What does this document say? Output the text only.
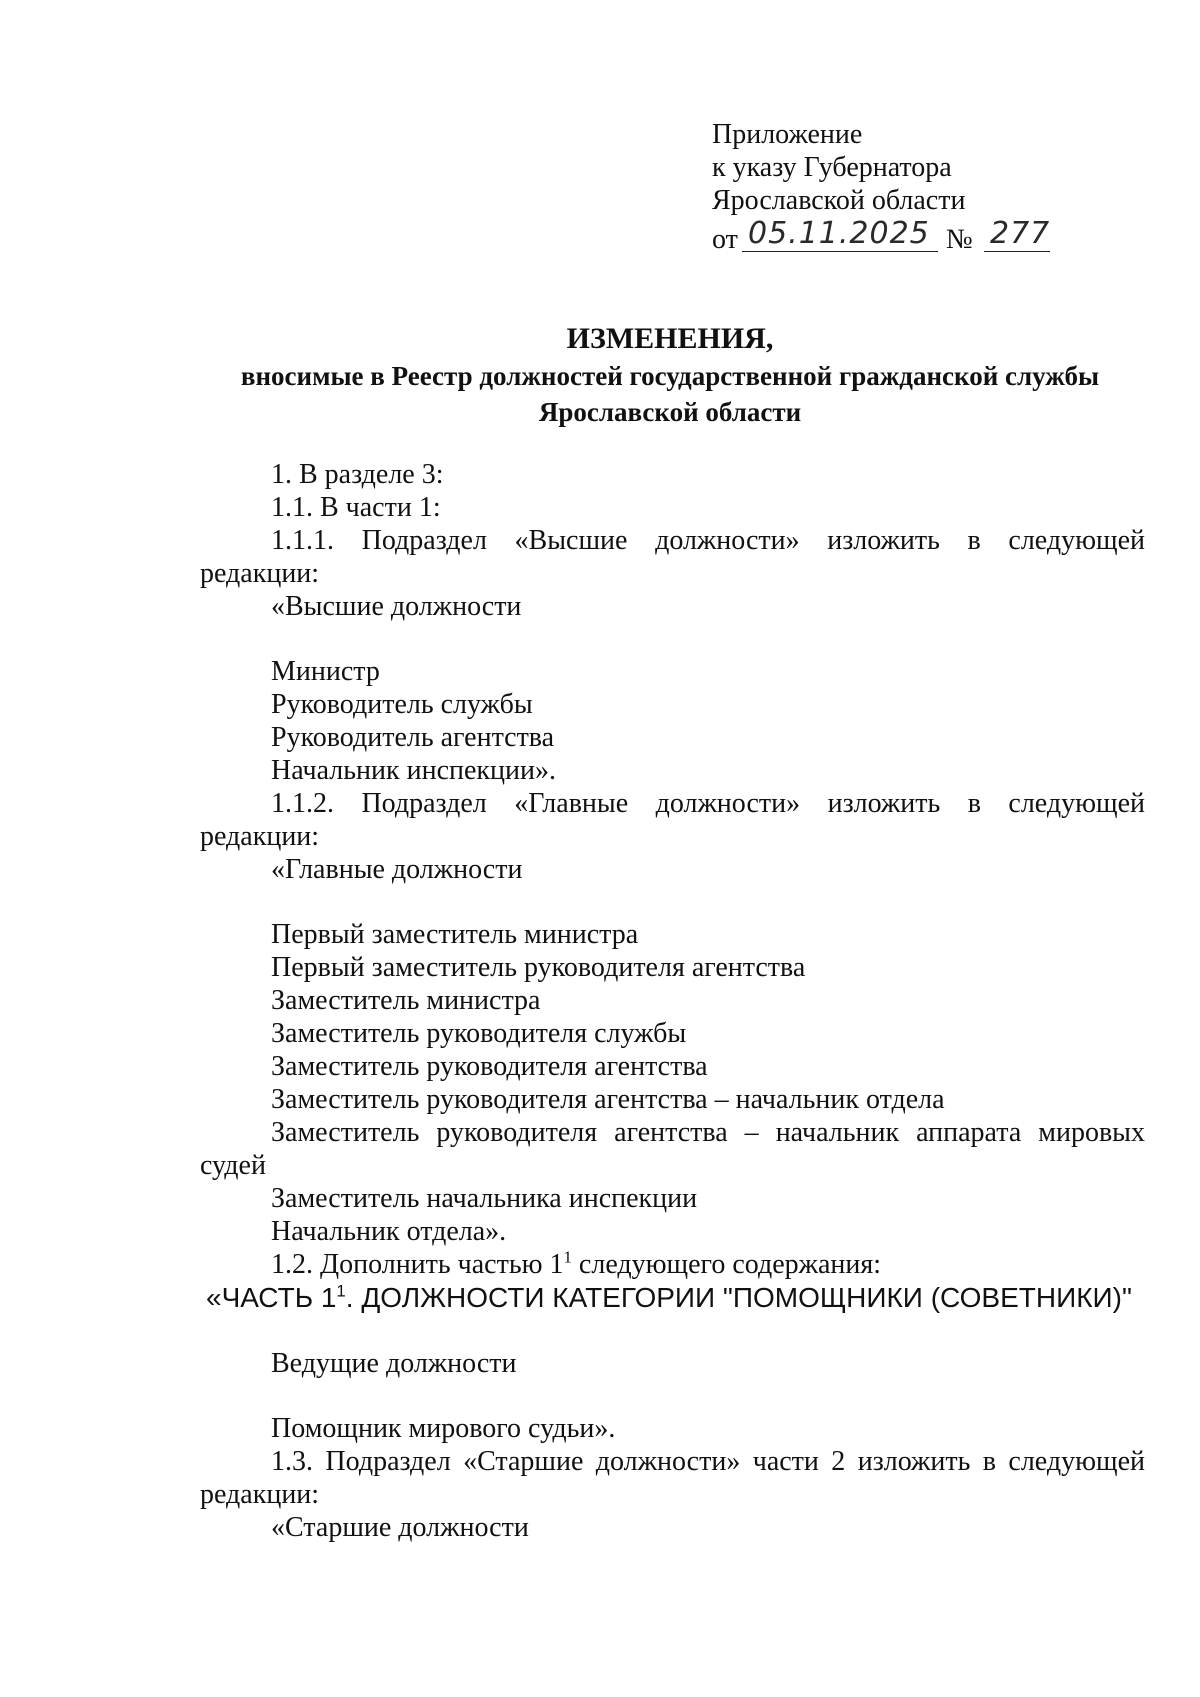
Приложение
к указу Губернатора
Ярославской области
от 05.11.2025 № 277
ИЗМЕНЕНИЯ,
вносимые в Реестр должностей государственной гражданской службы
Ярославской области
1. В разделе 3:
1.1. В части 1:
1.1.1. Подраздел «Высшие должности» изложить в следующей
редакции:
«Высшие должности
Министр
Руководитель службы
Руководитель агентства
Начальник инспекции».
1.1.2. Подраздел «Главные должности» изложить в следующей
редакции:
«Главные должности
Первый заместитель министра
Первый заместитель руководителя агентства
Заместитель министра
Заместитель руководителя службы
Заместитель руководителя агентства
Заместитель руководителя агентства – начальник отдела
Заместитель руководителя агентства – начальник аппарата мировых
судей
Заместитель начальника инспекции
Начальник отдела».
1.2. Дополнить частью $1^1$ следующего содержания:
«ЧАСТЬ $1^1$. ДОЛЖНОСТИ КАТЕГОРИИ "ПОМОЩНИКИ (СОВЕТНИКИ)"
Ведущие должности
Помощник мирового судьи».
1.3. Подраздел «Старшие должности» части 2 изложить в следующей
редакции:
«Старшие должности
